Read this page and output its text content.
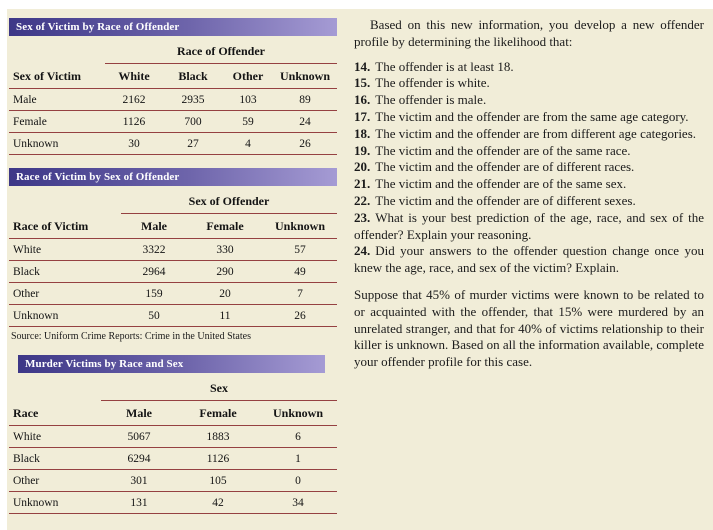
Sex of Victim by Race of Offender
	Race of Offender			
Sex of Victim	White	Black	Other	Unknown
Male	2162	2935	103	89
Female	1126	700	59	24
Unknown	30	27	4	26
Race of Victim by Sex of Offender
	Sex of Offender		
Race of Victim	Male	Female	Unknown
White	3322	330	57
Black	2964	290	49
Other	159	20	7
Unknown	50	11	26
Source: Uniform Crime Reports: Crime in the United States
Murder Victims by Race and Sex
	Sex		
Race	Male	Female	Unknown
White	5067	1883	6
Black	6294	1126	1
Other	301	105	0
Unknown	131	42	34

Based on this new information, you develop a new offender profile by determining the likelihood that:

14. The offender is at least 18.

15. The offender is white.

16. The offender is male.

17. The victim and the offender are from the same age category.

18. The victim and the offender are from different age categories.

19. The victim and the offender are of the same race.

20. The victim and the offender are of different races.

21. The victim and the offender are of the same sex.

22. The victim and the offender are of different sexes.

23. What is your best prediction of the age, race, and sex of the offender? Explain your reasoning.

24. Did your answers to the offender question change once you knew the age, race, and sex of the victim? Explain.

Suppose that 45% of murder victims were known to be related to or acquainted with the offender, that 15% were murdered by an unrelated stranger, and that for 40% of victims relationship to their killer is unknown. Based on all the information available, complete your offender profile for this case.
